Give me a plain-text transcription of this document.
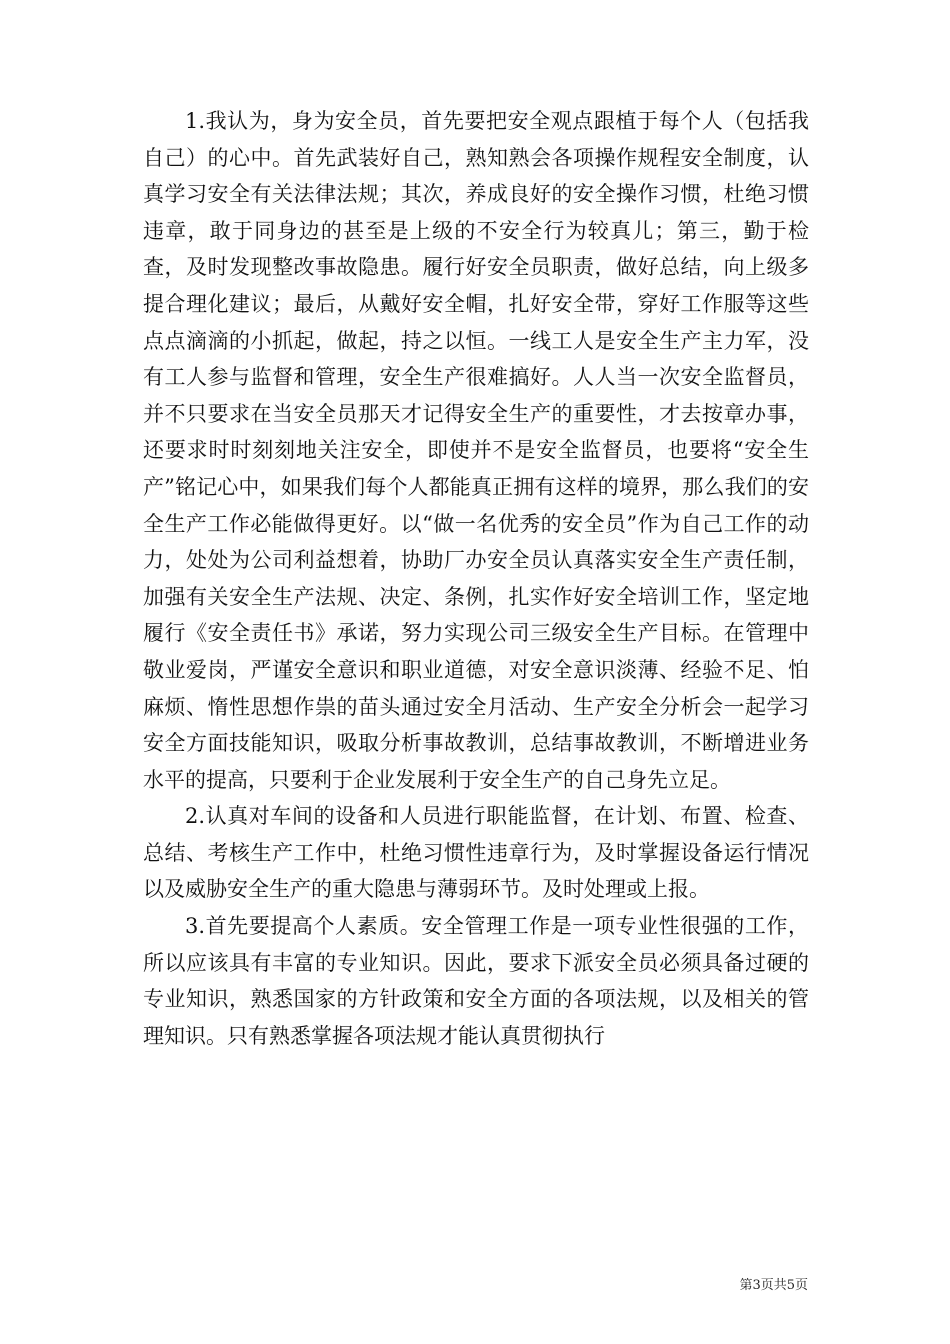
1.我认为，身为安全员，首先要把安全观点跟植于每个人（包括我自己）的心中。首先武装好自己，熟知熟会各项操作规程安全制度，认真学习安全有关法律法规；其次，养成良好的安全操作习惯，杜绝习惯违章，敢于同身边的甚至是上级的不安全行为较真儿；第三，勤于检查，及时发现整改事故隐患。履行好安全员职责，做好总结，向上级多提合理化建议；最后，从戴好安全帽，扎好安全带，穿好工作服等这些点点滴滴的小抓起，做起，持之以恒。一线工人是安全生产主力军，没有工人参与监督和管理，安全生产很难搞好。人人当一次安全监督员，并不只要求在当安全员那天才记得安全生产的重要性，才去按章办事，还要求时时刻刻地关注安全，即使并不是安全监督员，也要将“安全生产”铭记心中，如果我们每个人都能真正拥有这样的境界，那么我们的安全生产工作必能做得更好。以“做一名优秀的安全员”作为自己工作的动力，处处为公司利益想着，协助厂办安全员认真落实安全生产责任制，加强有关安全生产法规、决定、条例，扎实作好安全培训工作，坚定地履行《安全责任书》承诺，努力实现公司三级安全生产目标。在管理中敬业爱岗，严谨安全意识和职业道德，对安全意识淡薄、经验不足、怕麻烦、惰性思想作祟的苗头通过安全月活动、生产安全分析会一起学习安全方面技能知识，吸取分析事故教训，总结事故教训，不断增进业务水平的提高，只要利于企业发展利于安全生产的自己身先立足。

2.认真对车间的设备和人员进行职能监督，在计划、布置、检查、总结、考核生产工作中，杜绝习惯性违章行为，及时掌握设备运行情况以及威胁安全生产的重大隐患与薄弱环节。及时处理或上报。

3.首先要提高个人素质。安全管理工作是一项专业性很强的工作，所以应该具有丰富的专业知识。因此，要求下派安全员必须具备过硬的专业知识，熟悉国家的方针政策和安全方面的各项法规，以及相关的管理知识。只有熟悉掌握各项法规才能认真贯彻执行

第3页共5页
